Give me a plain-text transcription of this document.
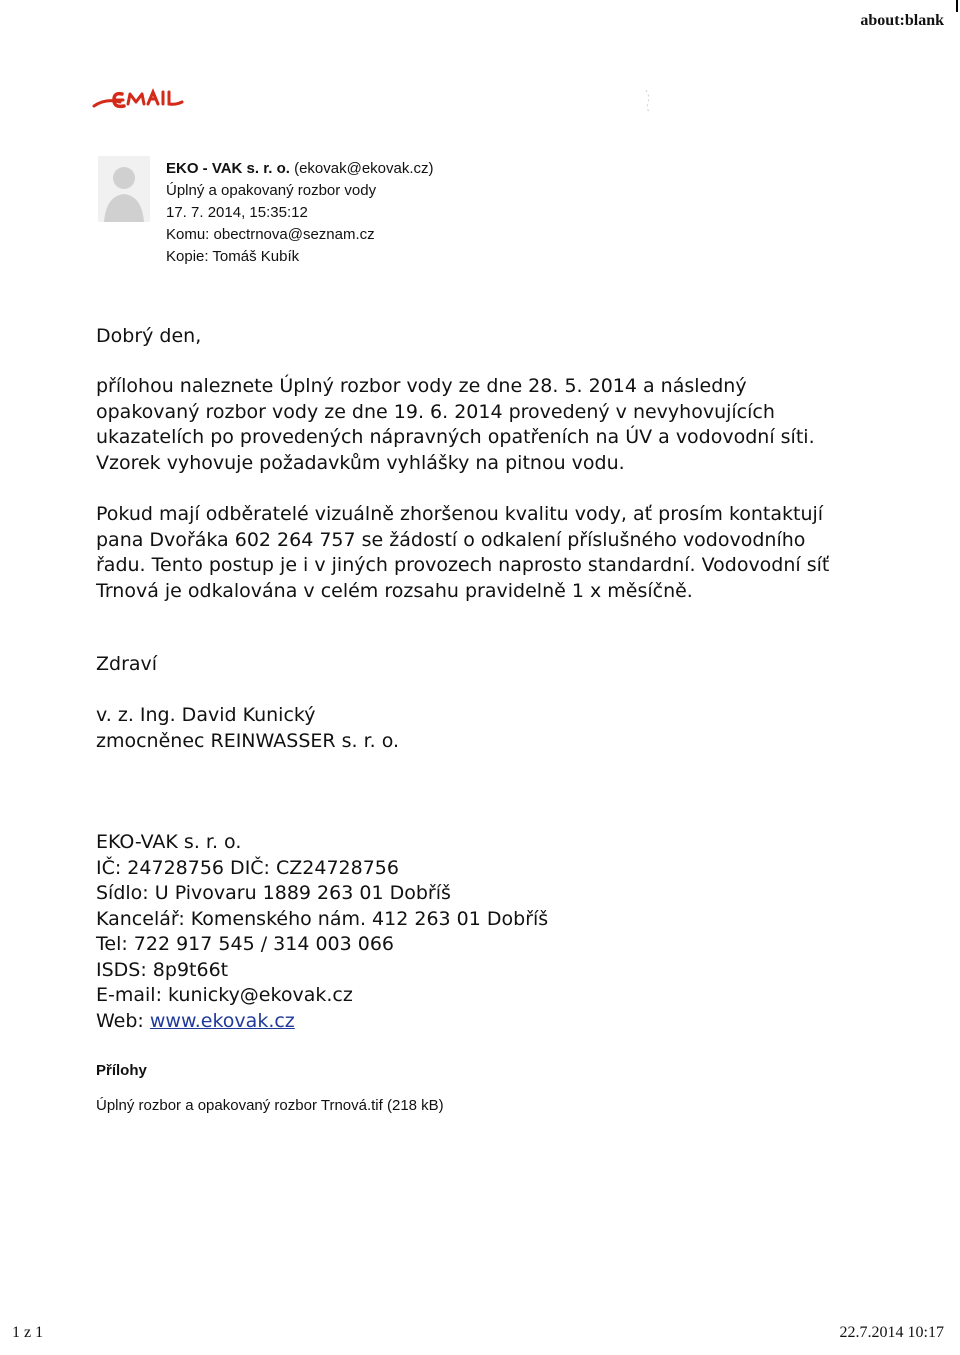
about:blank
EKO - VAK s. r. o. (ekovak@ekovak.cz)
Úplný a opakovaný rozbor vody
17. 7. 2014, 15:35:12
Komu: obectrnova@seznam.cz
Kopie: Tomáš Kubík
Dobrý den,
přílohou naleznete Úplný rozbor vody ze dne 28. 5. 2014 a následný
opakovaný rozbor vody ze dne 19. 6. 2014 provedený v nevyhovujících
ukazatelích po provedených nápravných opatřeních na ÚV a vodovodní síti.
Vzorek vyhovuje požadavkům vyhlášky na pitnou vodu.
Pokud mají odběratelé vizuálně zhoršenou kvalitu vody, ať prosím kontaktují
pana Dvořáka 602 264 757 se žádostí o odkalení příslušného vodovodního
řadu. Tento postup je i v jiných provozech naprosto standardní. Vodovodní síť
Trnová je odkalována v celém rozsahu pravidelně 1 x měsíčně.
Zdraví
v. z. Ing. David Kunický
zmocněnec REINWASSER s. r. o.
EKO-VAK s. r. o.
IČ: 24728756 DIČ: CZ24728756
Sídlo: U Pivovaru 1889 263 01 Dobříš
Kancelář: Komenského nám. 412 263 01 Dobříš
Tel: 722 917 545 / 314 003 066
ISDS: 8p9t66t
E-mail: kunicky@ekovak.cz
Web: www.ekovak.cz
Přílohy
Úplný rozbor a opakovaný rozbor Trnová.tif (218 kB)
1 z 1	22.7.2014 10:17
